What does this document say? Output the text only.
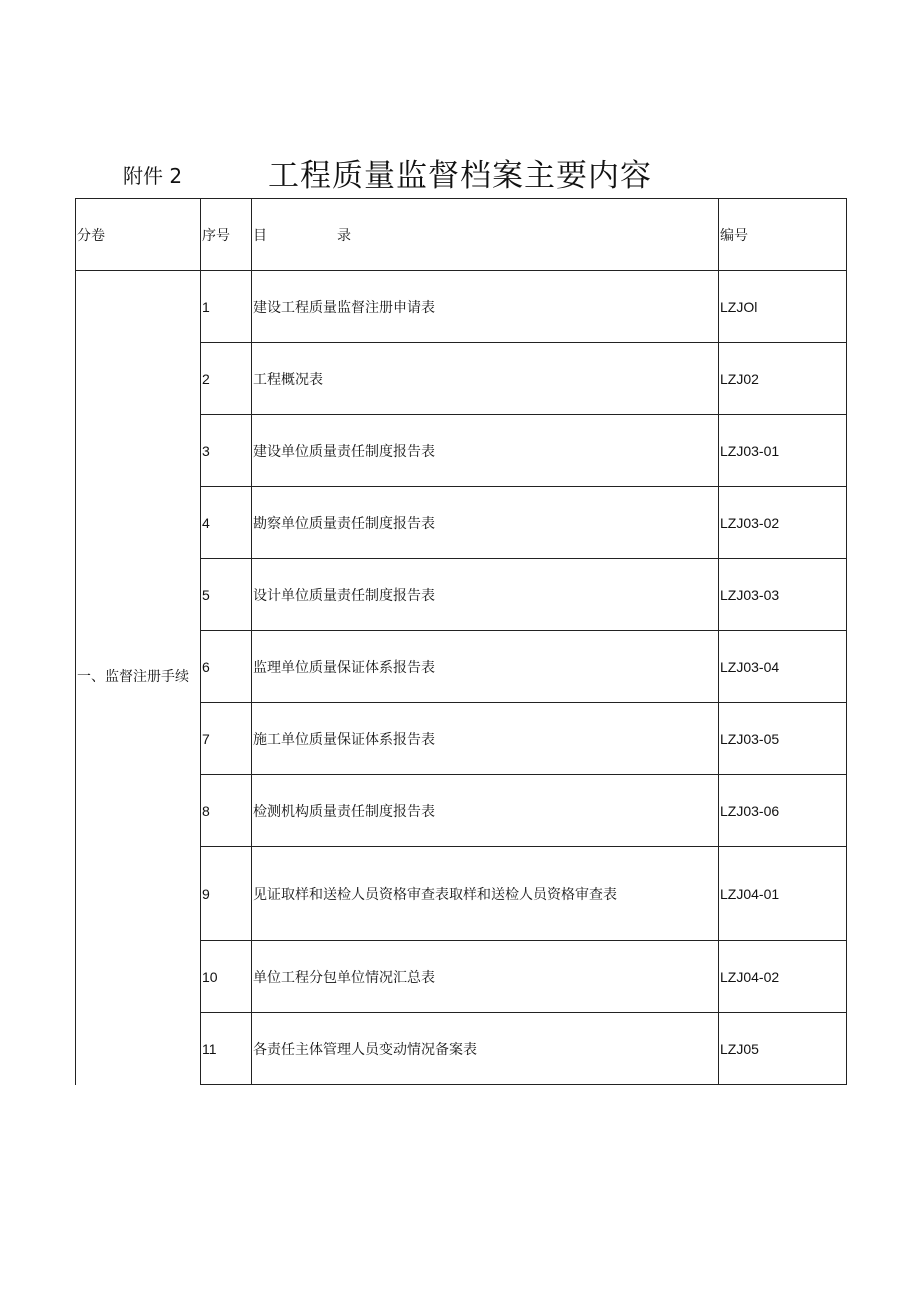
附件 2	工程质量监督档案主要内容
分卷	序号	目　　　　　录	编号
一、监督注册手续	1	建设工程质量监督注册申请表	LZJOl
	2	工程概况表	LZJ02
	3	建设单位质量责任制度报告表	LZJ03-01
	4	勘察单位质量责任制度报告表	LZJ03-02
	5	设计单位质量责任制度报告表	LZJ03-03
	6	监理单位质量保证体系报告表	LZJ03-04
	7	施工单位质量保证体系报告表	LZJ03-05
	8	检测机构质量责任制度报告表	LZJ03-06
	9	见证取样和送检人员资格审查表取样和送检人员资格审查表	LZJ04-01
	10	单位工程分包单位情况汇总表	LZJ04-02
	11	各责任主体管理人员变动情况备案表	LZJ05
